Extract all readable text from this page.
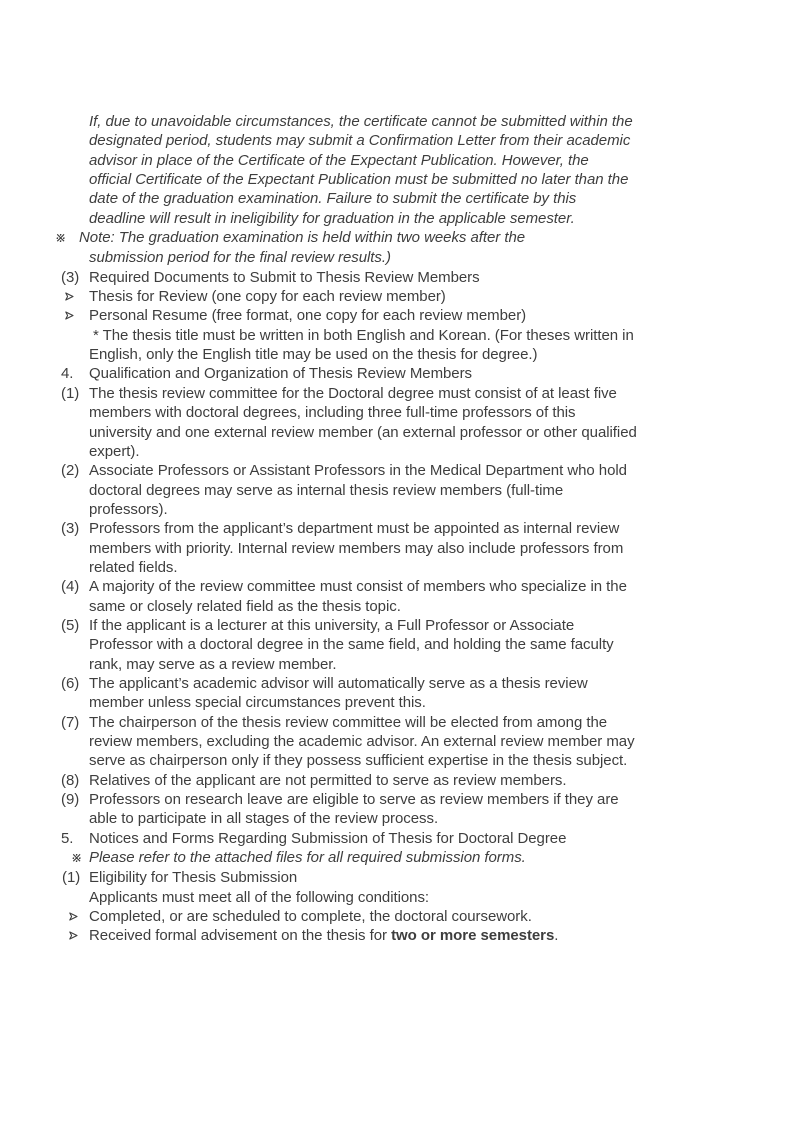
If, due to unavoidable circumstances, the certificate cannot be submitted within the designated period, students may submit a Confirmation Letter from their academic advisor in place of the Certificate of the Expectant Publication. However, the official Certificate of the Expectant Publication must be submitted no later than the date of the graduation examination. Failure to submit the certificate by this deadline will result in ineligibility for graduation in the applicable semester.

※ Note: The graduation examination is held within two weeks after the submission period for the final review results.)

(3) Required Documents to Submit to Thesis Review Members

Thesis for Review (one copy for each review member)

Personal Resume (free format, one copy for each review member)

* The thesis title must be written in both English and Korean. (For theses written in English, only the English title may be used on the thesis for degree.)

4. Qualification and Organization of Thesis Review Members

(1) The thesis review committee for the Doctoral degree must consist of at least five members with doctoral degrees, including three full-time professors of this university and one external review member (an external professor or other qualified expert).

(2) Associate Professors or Assistant Professors in the Medical Department who hold doctoral degrees may serve as internal thesis review members (full-time professors).

(3) Professors from the applicant’s department must be appointed as internal review members with priority. Internal review members may also include professors from related fields.

(4) A majority of the review committee must consist of members who specialize in the same or closely related field as the thesis topic.

(5) If the applicant is a lecturer at this university, a Full Professor or Associate Professor with a doctoral degree in the same field, and holding the same faculty rank, may serve as a review member.

(6) The applicant’s academic advisor will automatically serve as a thesis review member unless special circumstances prevent this.

(7) The chairperson of the thesis review committee will be elected from among the review members, excluding the academic advisor. An external review member may serve as chairperson only if they possess sufficient expertise in the thesis subject.

(8) Relatives of the applicant are not permitted to serve as review members.

(9) Professors on research leave are eligible to serve as review members if they are able to participate in all stages of the review process.

5. Notices and Forms Regarding Submission of Thesis for Doctoral Degree

※ Please refer to the attached files for all required submission forms.

(1) Eligibility for Thesis Submission

Applicants must meet all of the following conditions:

Completed, or are scheduled to complete, the doctoral coursework.

Received formal advisement on the thesis for two or more semesters.
